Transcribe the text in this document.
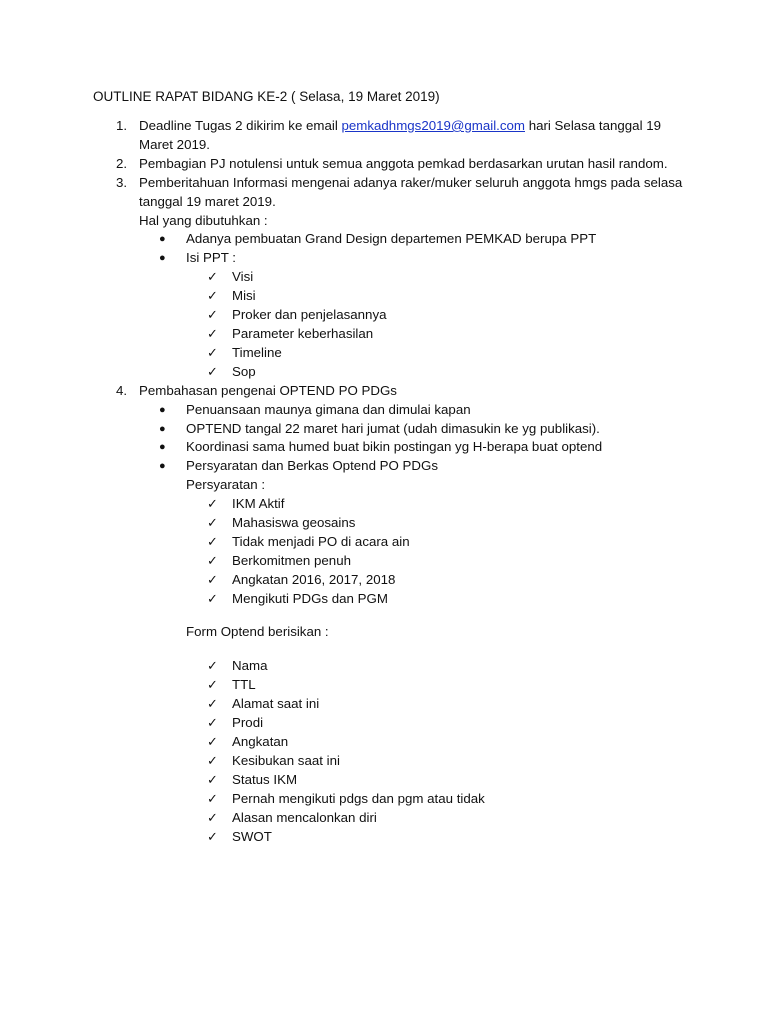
OUTLINE RAPAT BIDANG KE-2 ( Selasa, 19 Maret 2019)
1. Deadline Tugas 2 dikirim ke email pemkadhmgs2019@gmail.com hari Selasa tanggal 19
Maret 2019.
2. Pembagian PJ notulensi untuk semua anggota pemkad berdasarkan urutan hasil random.
3. Pemberitahuan Informasi mengenai adanya raker/muker seluruh anggota hmgs pada selasa
tanggal 19 maret 2019.
Hal yang dibutuhkan :
● Adanya pembuatan Grand Design departemen PEMKAD berupa PPT
● Isi PPT :
✓ Visi
✓ Misi
✓ Proker dan penjelasannya
✓ Parameter keberhasilan
✓ Timeline
✓ Sop
4. Pembahasan pengenai OPTEND PO PDGs
● Penuansaan maunya gimana dan dimulai kapan
● OPTEND tangal 22 maret hari jumat (udah dimasukin ke yg publikasi).
● Koordinasi sama humed buat bikin postingan yg H-berapa buat optend
● Persyaratan dan Berkas Optend PO PDGs
Persyaratan :
✓ IKM Aktif
✓ Mahasiswa geosains
✓ Tidak menjadi PO di acara ain
✓ Berkomitmen penuh
✓ Angkatan 2016, 2017, 2018
✓ Mengikuti PDGs dan PGM
Form Optend berisikan :
✓ Nama
✓ TTL
✓ Alamat saat ini
✓ Prodi
✓ Angkatan
✓ Kesibukan saat ini
✓ Status IKM
✓ Pernah mengikuti pdgs dan pgm atau tidak
✓ Alasan mencalonkan diri
✓ SWOT
